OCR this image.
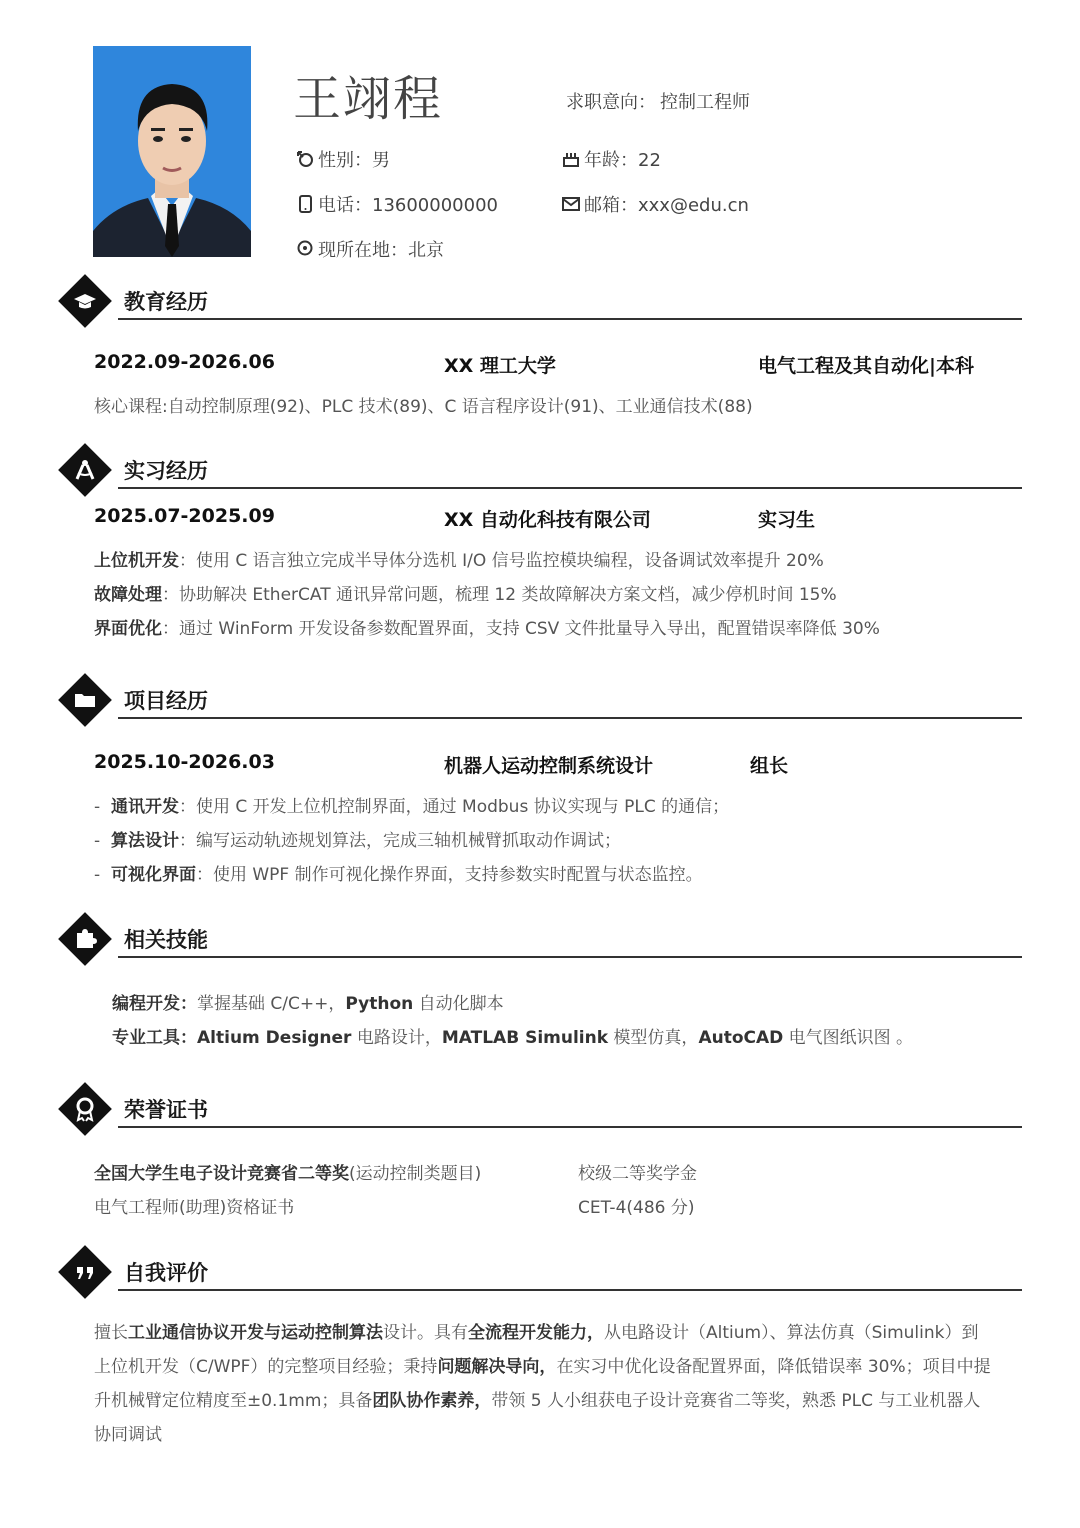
王翊程	求职意向： 控制工程师
性别：男	年龄：22
电话：13600000000	邮箱：xxx@edu.cn
现所在地：北京
教育经历
2022.09-2026.06	XX 理工大学	电气工程及其自动化|本科
核心课程:自动控制原理(92)、PLC 技术(89)、C 语言程序设计(91)、工业通信技术(88)
实习经历
2025.07-2025.09	XX 自动化科技有限公司	实习生
上位机开发：使用 C 语言独立完成半导体分选机 I/O 信号监控模块编程，设备调试效率提升 20%
故障处理：协助解决 EtherCAT 通讯异常问题，梳理 12 类故障解决方案文档，减少停机时间 15%
界面优化：通过 WinForm 开发设备参数配置界面，支持 CSV 文件批量导入导出，配置错误率降低 30%
项目经历
2025.10-2026.03	机器人运动控制系统设计	组长
- 通讯开发：使用 C 开发上位机控制界面，通过 Modbus 协议实现与 PLC 的通信；
- 算法设计：编写运动轨迹规划算法，完成三轴机械臂抓取动作调试；
- 可视化界面：使用 WPF 制作可视化操作界面，支持参数实时配置与状态监控。
相关技能
编程开发：掌握基础 C/C++，Python 自动化脚本
专业工具：Altium Designer 电路设计，MATLAB Simulink 模型仿真，AutoCAD 电气图纸识图 。
荣誉证书
全国大学生电子设计竞赛省二等奖(运动控制类题目)	校级二等奖学金
电气工程师(助理)资格证书	CET-4(486 分)
自我评价
擅长工业通信协议开发与运动控制算法设计。具有全流程开发能力，从电路设计（Altium）、算法仿真（Simulink）到上位机开发（C/WPF）的完整项目经验；秉持问题解决导向，在实习中优化设备配置界面，降低错误率 30%；项目中提升机械臂定位精度至±0.1mm；具备团队协作素养，带领 5 人小组获电子设计竞赛省二等奖，熟悉 PLC 与工业机器人协同调试
